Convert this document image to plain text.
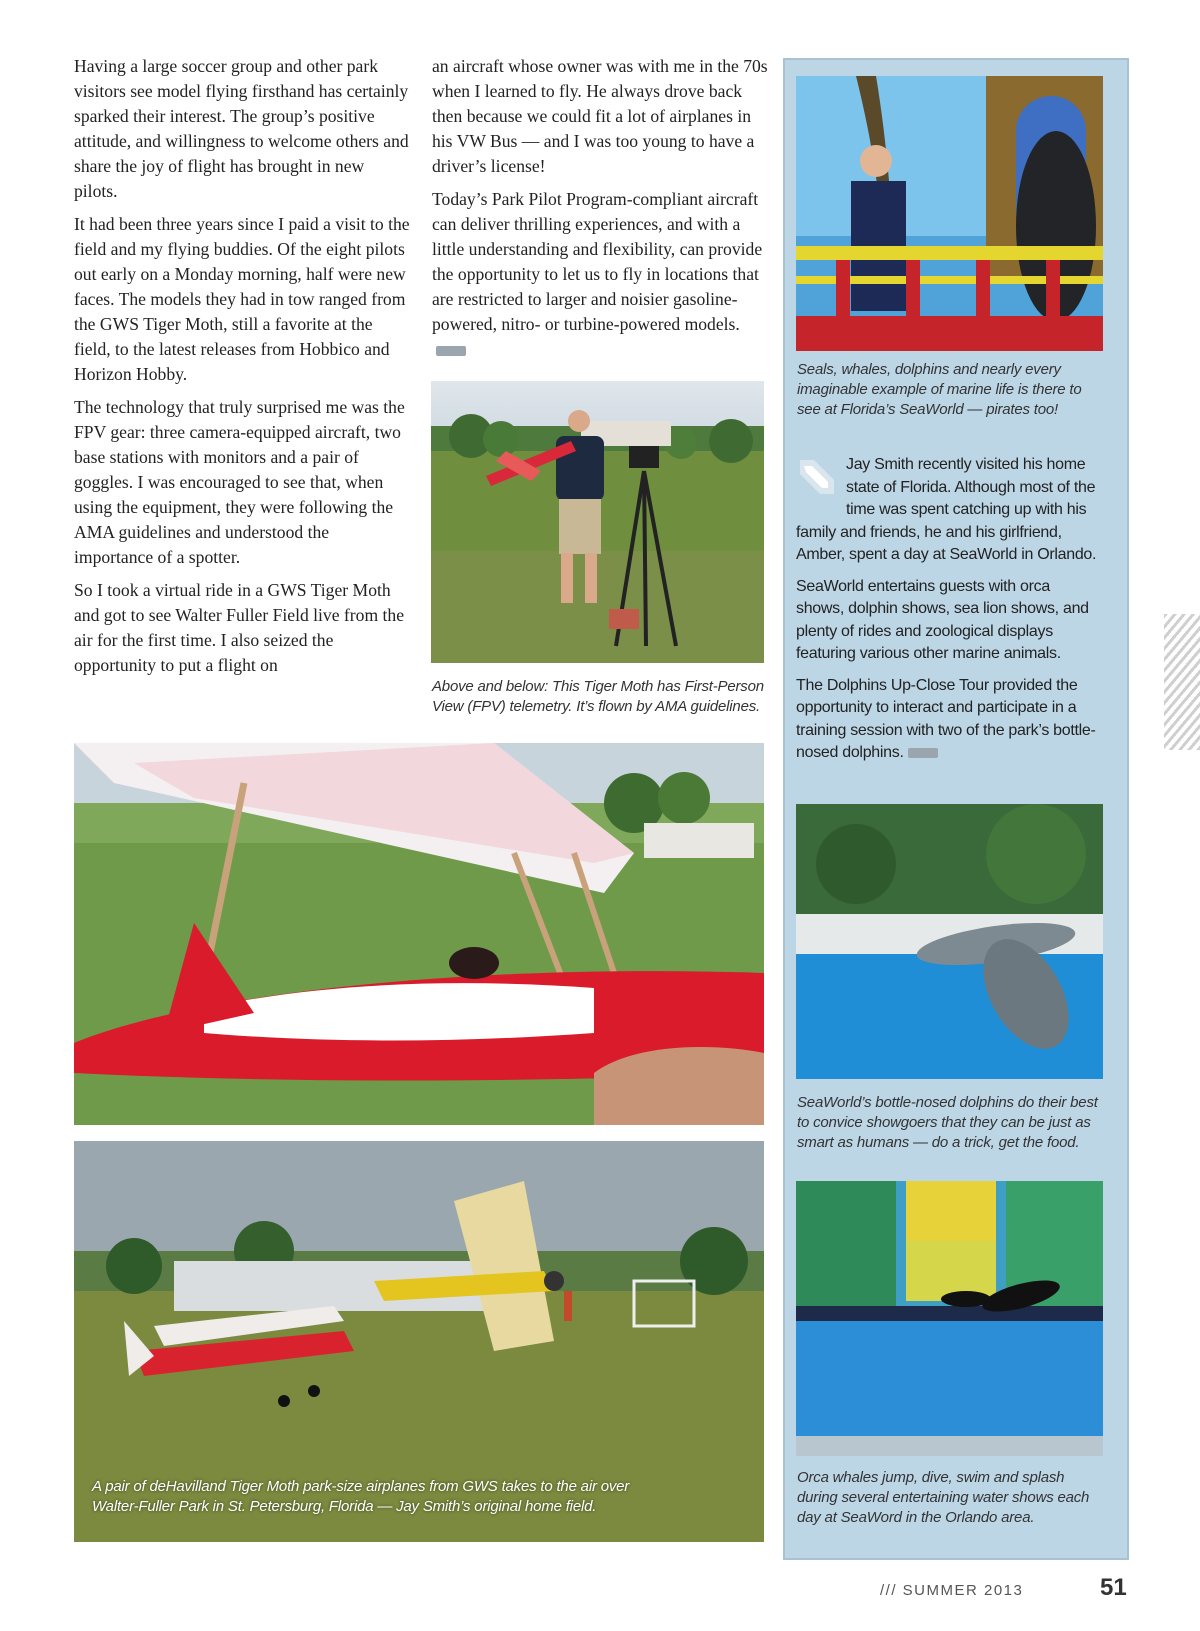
Having a large soccer group and other park visitors see model flying firsthand has certainly sparked their interest. The group’s positive attitude, and willingness to welcome others and share the joy of flight has brought in new pilots.

It had been three years since I paid a visit to the field and my flying buddies. Of the eight pilots out early on a Monday morning, half were new faces. The models they had in tow ranged from the GWS Tiger Moth, still a favorite at the field, to the latest releases from Hobbico and Horizon Hobby.

The technology that truly surprised me was the FPV gear: three camera-equipped aircraft, two base stations with monitors and a pair of goggles. I was encouraged to see that, when using the equipment, they were following the AMA guidelines and understood the importance of a spotter.

So I took a virtual ride in a GWS Tiger Moth and got to see Walter Fuller Field live from the air for the first time. I also seized the opportunity to put a flight on

an aircraft whose owner was with me in the 70s when I learned to fly. He always drove back then because we could fit a lot of airplanes in his VW Bus — and I was too young to have a driver’s license!

Today’s Park Pilot Program-compliant aircraft can deliver thrilling experiences, and with a little understanding and flexibility, can provide the opportunity to let us to fly in locations that are restricted to larger and noisier gasoline-powered, nitro- or turbine-powered models.

Above and below: This Tiger Moth has First-Person View (FPV) telemetry. It’s flown by AMA guidelines.
A pair of deHavilland Tiger Moth park-size airplanes from GWS takes to the air over Walter-Fuller Park in St. Petersburg, Florida — Jay Smith’s original home field.
Seals, whales, dolphins and nearly every imaginable example of marine life is there to see at Florida’s SeaWorld — pirates too!

Jay Smith recently visited his home state of Florida. Although most of the time was spent catching up with his family and friends, he and his girlfriend, Amber, spent a day at SeaWorld in Orlando.

SeaWorld entertains guests with orca shows, dolphin shows, sea lion shows, and plenty of rides and zoological displays featuring various other marine animals.

The Dolphins Up-Close Tour provided the opportunity to interact and participate in a training session with two of the park’s bottle-nosed dolphins.

SeaWorld’s bottle-nosed dolphins do their best to convice showgoers that they can be just as smart as humans — do a trick, get the food.
Orca whales jump, dive, swim and splash during several entertaining water shows each day at SeaWord in the Orlando area.
/// SUMMER 2013	51
